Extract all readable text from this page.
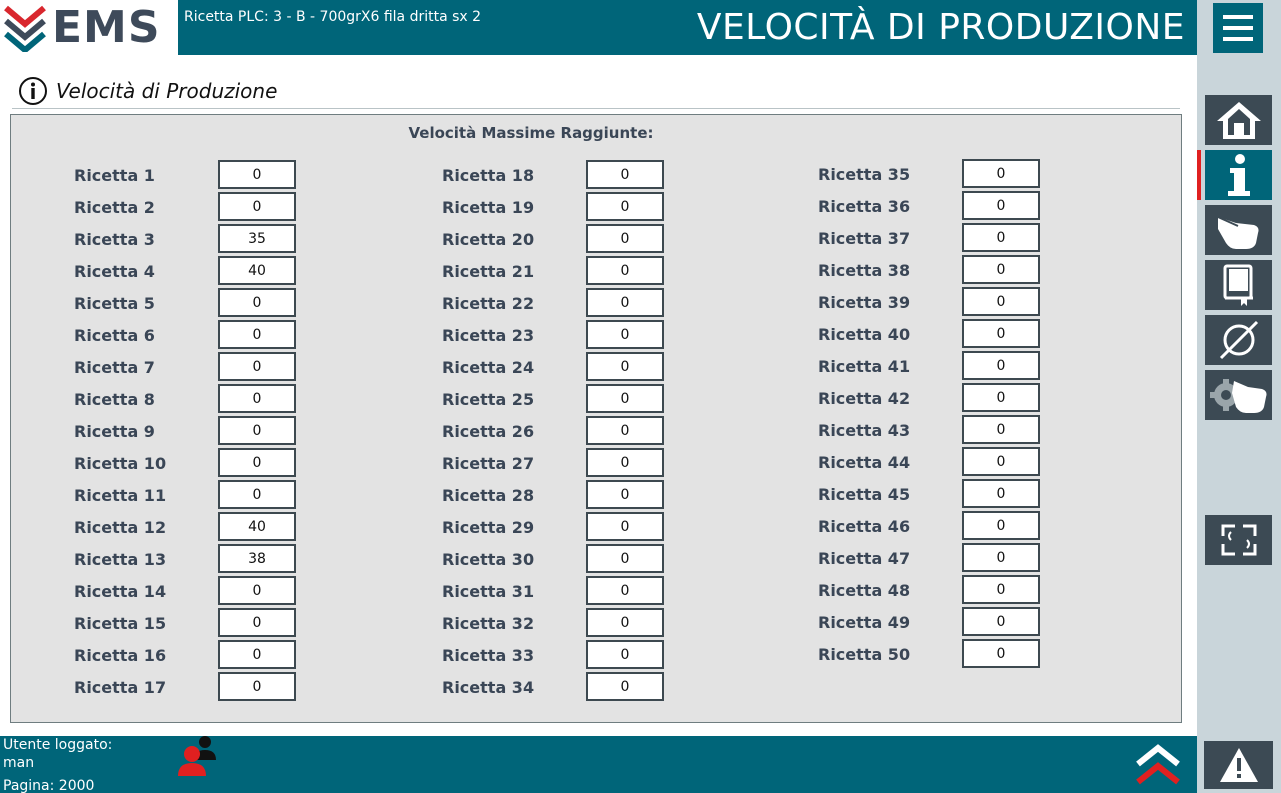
EMS Ricetta PLC: 3 - B - 700grX6 fila dritta sx 2	VELOCITÀ DI PRODUZIONE
Velocità di Produzione
Velocità Massime Raggiunte:
Ricetta 1	0
Ricetta 2	0
Ricetta 3	35
Ricetta 4	40
Ricetta 5	0
Ricetta 6	0
Ricetta 7	0
Ricetta 8	0
Ricetta 9	0
Ricetta 10	0
Ricetta 11	0
Ricetta 12	40
Ricetta 13	38
Ricetta 14	0
Ricetta 15	0
Ricetta 16	0
Ricetta 17	0
Ricetta 18	0
Ricetta 19	0
Ricetta 20	0
Ricetta 21	0
Ricetta 22	0
Ricetta 23	0
Ricetta 24	0
Ricetta 25	0
Ricetta 26	0
Ricetta 27	0
Ricetta 28	0
Ricetta 29	0
Ricetta 30	0
Ricetta 31	0
Ricetta 32	0
Ricetta 33	0
Ricetta 34	0
Ricetta 35	0
Ricetta 36	0
Ricetta 37	0
Ricetta 38	0
Ricetta 39	0
Ricetta 40	0
Ricetta 41	0
Ricetta 42	0
Ricetta 43	0
Ricetta 44	0
Ricetta 45	0
Ricetta 46	0
Ricetta 47	0
Ricetta 48	0
Ricetta 49	0
Ricetta 50	0
Utente loggato:
man
Pagina: 2000
